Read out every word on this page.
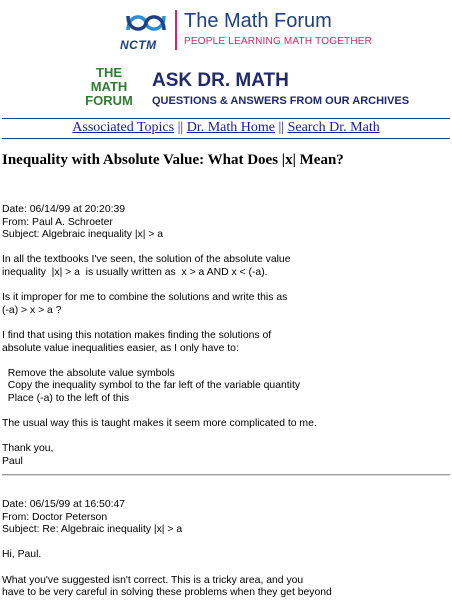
NCTM
The Math Forum
PEOPLE LEARNING MATH TOGETHER
THE
MATH
FORUM
ASK DR. MATH
QUESTIONS & ANSWERS FROM OUR ARCHIVES
Associated Topics || Dr. Math Home || Search Dr. Math
Inequality with Absolute Value: What Does |x| Mean?

Date: 06/14/99 at 20:20:39

From: Paul A. Schroeter

Subject: Algebraic inequality |x| > a

In all the textbooks I've seen, the solution of the absolute value

inequality  |x| > a  is usually written as  x > a AND x < (-a).

Is it improper for me to combine the solutions and write this as

(-a) > x > a ?

I find that using this notation makes finding the solutions of

absolute value inequalities easier, as I only have to:

Remove the absolute value symbols

Copy the inequality symbol to the far left of the variable quantity

Place (-a) to the left of this

The usual way this is taught makes it seem more complicated to me.

Thank you,

Paul

Date: 06/15/99 at 16:50:47

From: Doctor Peterson

Subject: Re: Algebraic inequality |x| > a

Hi, Paul.

What you've suggested isn't correct. This is a tricky area, and you

have to be very careful in solving these problems when they get beyond
